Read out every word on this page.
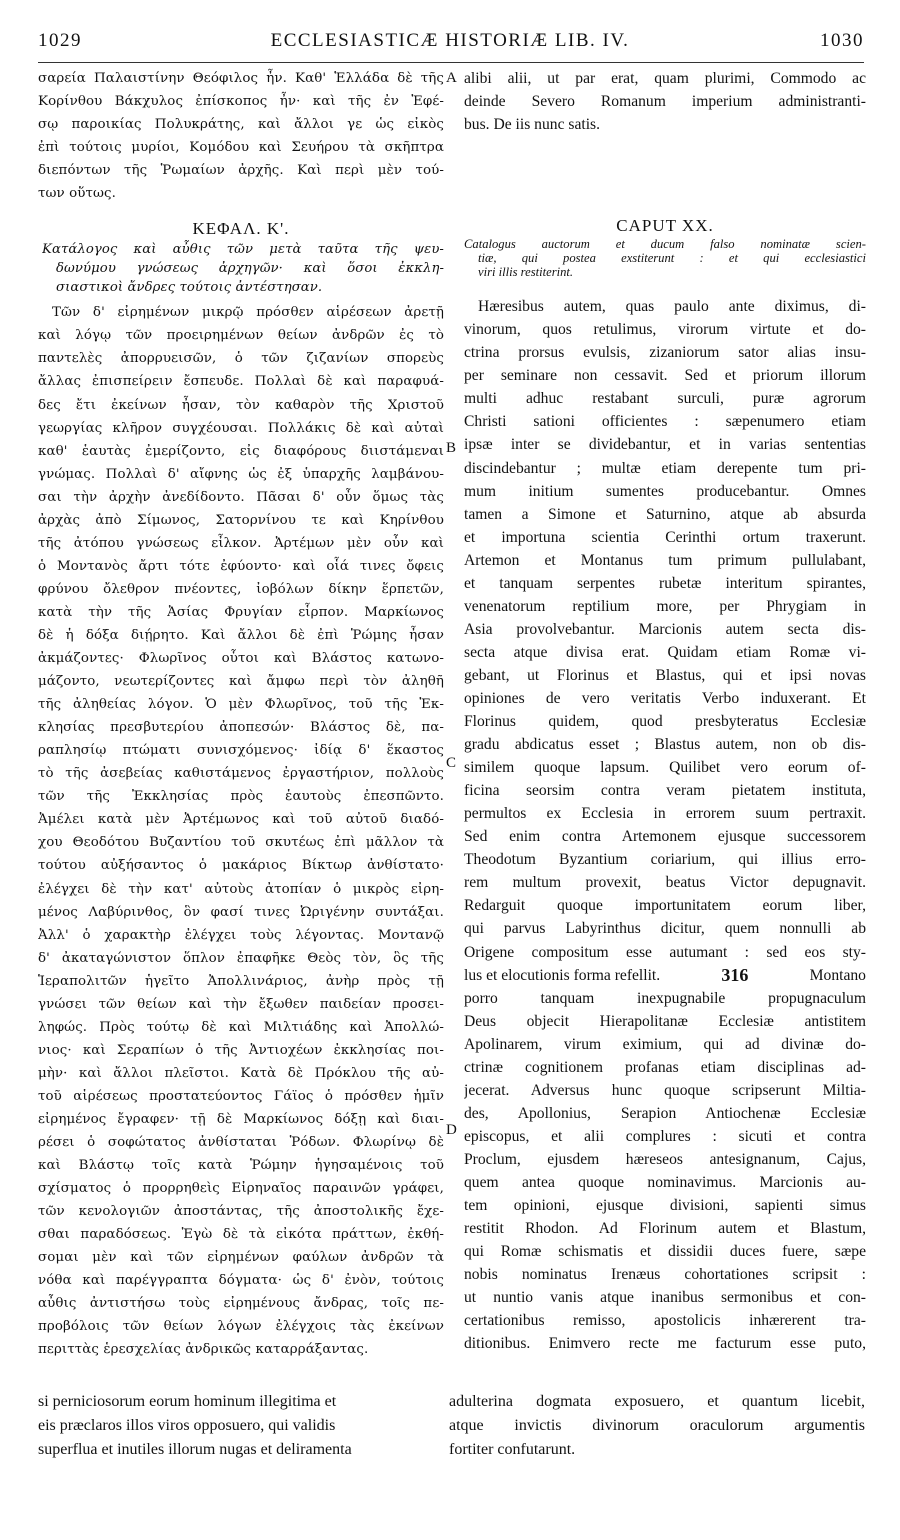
1029	ECCLESIASTICÆ HISTORIÆ LIB. IV.	1030
A
B
C
D
σαρεία Παλαιστίνην Θεόφιλος ἦν. Καθ' Ἑλλάδα δὲ τῆς
Κορίνθου Βάκχυλος ἐπίσκοπος ἦν· καὶ τῆς ἐν Ἐφέ-
σῳ παροικίας Πολυκράτης, καὶ ἄλλοι γε ὡς εἰκὸς
ἐπὶ τούτοις μυρίοι, Κομόδου καὶ Σευήρου τὰ σκῆπτρα
διεπόντων τῆς Ῥωμαίων ἀρχῆς. Καὶ περὶ μὲν τού-
των οὕτως.
ΚΕΦΑΛ. Κ'.
Κατάλογος καὶ αὖθις τῶν μετὰ ταῦτα τῆς ψευ-
δωνύμου γνώσεως ἀρχηγῶν· καὶ ὅσοι ἐκκλη-
σιαστικοὶ ἄνδρες τούτοις ἀντέστησαν.
Τῶν δ' εἰρημένων μικρῷ πρόσθεν αἱρέσεων ἀρετῇ
καὶ λόγῳ τῶν προειρημένων θείων ἀνδρῶν ἐς τὸ
παντελὲς ἀπορρυεισῶν, ὁ τῶν ζιζανίων σπορεὺς
ἄλλας ἐπισπείρειν ἔσπευδε. Πολλαὶ δὲ καὶ παραφυά-
δες ἔτι ἐκείνων ἦσαν, τὸν καθαρὸν τῆς Χριστοῦ
γεωργίας κλῆρον συγχέουσαι. Πολλάκις δὲ καὶ αὐταὶ
καθ' ἑαυτὰς ἐμερίζοντο, εἰς διαφόρους διιστάμεναι
γνώμας. Πολλαὶ δ' αἴφνης ὡς ἐξ ὑπαρχῆς λαμβάνου-
σαι τὴν ἀρχὴν ἀνεδίδοντο. Πᾶσαι δ' οὖν ὅμως τὰς
ἀρχὰς ἀπὸ Σίμωνος, Σατορνίνου τε καὶ Κηρίνθου
τῆς ἀτόπου γνώσεως εἶλκον. Ἀρτέμων μὲν οὖν καὶ
ὁ Μοντανὸς ἄρτι τότε ἐφύοντο· καὶ οἷά τινες ὄφεις
φρύνου ὄλεθρον πνέοντες, ἰοβόλων δίκην ἕρπετῶν,
κατὰ τὴν τῆς Ἀσίας Φρυγίαν εἷρπον. Μαρκίωνος
δὲ ἡ δόξα διῄρητο. Καὶ ἄλλοι δὲ ἐπὶ Ῥώμης ἦσαν
ἀκμάζοντες· Φλωρῖνος οὗτοι καὶ Βλάστος κατωνο-
μάζοντο, νεωτερίζοντες καὶ ἄμφω περὶ τὸν ἀληθῆ
τῆς ἀληθείας λόγον. Ὁ μὲν Φλωρῖνος, τοῦ τῆς Ἐκ-
κλησίας πρεσβυτερίου ἀποπεσών· Βλάστος δὲ, πα-
ραπλησίῳ πτώματι συνισχόμενος· ἰδίᾳ δ' ἕκαστος
τὸ τῆς ἀσεβείας καθιστάμενος ἐργαστήριον, πολλοὺς
τῶν τῆς Ἐκκλησίας πρὸς ἑαυτοὺς ἐπεσπῶντο.
Ἀμέλει κατὰ μὲν Ἀρτέμωνος καὶ τοῦ αὐτοῦ διαδό-
χου Θεοδότου Βυζαντίου τοῦ σκυτέως ἐπὶ μᾶλλον τὰ
τούτου αὐξήσαντος ὁ μακάριος Βίκτωρ ἀνθίστατο·
ἐλέγχει δὲ τὴν κατ' αὐτοὺς ἀτοπίαν ὁ μικρὸς εἰρη-
μένος Λαβύρινθος, ὃν φασί τινες Ὠριγένην συντάξαι.
Ἀλλ' ὁ χαρακτὴρ ἐλέγχει τοὺς λέγοντας. Μοντανῷ
δ' ἀκαταγώνιστον ὅπλον ἐπαφῆκε Θεὸς τὸν, ὃς τῆς
Ἱεραπολιτῶν ἡγεῖτο Ἀπολλινάριος, ἀνὴρ πρὸς τῇ
γνώσει τῶν θείων καὶ τὴν ἔξωθεν παιδείαν προσει-
ληφώς. Πρὸς τούτῳ δὲ καὶ Μιλτιάδης καὶ Ἀπολλώ-
νιος· καὶ Σεραπίων ὁ τῆς Ἀντιοχέων ἐκκλησίας ποι-
μὴν· καὶ ἄλλοι πλεῖστοι. Κατὰ δὲ Πρόκλου τῆς αὐ-
τοῦ αἱρέσεως προστατεύοντος Γάϊος ὁ πρόσθεν ἡμῖν
εἰρημένος ἔγραφεν· τῇ δὲ Μαρκίωνος δόξῃ καὶ διαι-
ρέσει ὁ σοφώτατος ἀνθίσταται Ῥόδων. Φλωρίνῳ δὲ
καὶ Βλάστῳ τοῖς κατὰ Ῥώμην ἡγησαμένοις τοῦ
σχίσματος ὁ προρρηθεὶς Εἰρηναῖος παραινῶν γράφει,
τῶν κενολογιῶν ἀποστάντας, τῆς ἀποστολικῆς ἔχε-
σθαι παραδόσεως. Ἐγὼ δὲ τὰ εἰκότα πράττων, ἐκθή-
σομαι μὲν καὶ τῶν εἰρημένων φαύλων ἀνδρῶν τὰ
νόθα καὶ παρέγγραπτα δόγματα· ὡς δ' ἐνὸν, τούτοις
αὖθις ἀντιστήσω τοὺς εἰρημένους ἄνδρας, τοῖς πε-
προβόλοις τῶν θείων λόγων ἐλέγχοις τὰς ἐκείνων
περιττὰς ἑρεσχελίας ἀνδρικῶς καταρράξαντας.
alibi alii, ut par erat, quam plurimi, Commodo ac
deinde Severo Romanum imperium administranti-
bus. De iis nunc satis.
CAPUT XX.
Catalogus auctorum et ducum falso nominatæ scien-
tiæ, qui postea exstiterunt : et qui ecclesiastici
viri illis restiterint.
Hæresibus autem, quas paulo ante diximus, di-
vinorum, quos retulimus, virorum virtute et do-
ctrina prorsus evulsis, zizaniorum sator alias insu-
per seminare non cessavit. Sed et priorum illorum
multi adhuc restabant surculi, puræ agrorum
Christi sationi officientes : sæpenumero etiam
ipsæ inter se dividebantur, et in varias sententias
discindebantur ; multæ etiam derepente tum pri-
mum initium sumentes producebantur. Omnes
tamen a Simone et Saturnino, atque ab absurda
et importuna scientia Cerinthi ortum traxerunt.
Artemon et Montanus tum primum pullulabant,
et tanquam serpentes rubetæ interitum spirantes,
venenatorum reptilium more, per Phrygiam in
Asia provolvebantur. Marcionis autem secta dis-
secta atque divisa erat. Quidam etiam Romæ vi-
gebant, ut Florinus et Blastus, qui et ipsi novas
opiniones de vero veritatis Verbo induxerant. Et
Florinus quidem, quod presbyteratus Ecclesiæ
gradu abdicatus esset ; Blastus autem, non ob dis-
similem quoque lapsum. Quilibet vero eorum of-
ficina seorsim contra veram pietatem instituta,
permultos ex Ecclesia in errorem suum pertraxit.
Sed enim contra Artemonem ejusque successorem
Theodotum Byzantium coriarium, qui illius erro-
rem multum provexit, beatus Victor depugnavit.
Redarguit quoque importunitatem eorum liber,
qui parvus Labyrinthus dicitur, quem nonnulli ab
Origene compositum esse autumant : sed eos sty-
lus et elocutionis forma refellit.	316	Montano
porro tanquam inexpugnabile propugnaculum
Deus objecit Hierapolitanæ Ecclesiæ antistitem
Apolinarem, virum eximium, qui ad divinæ do-
ctrinæ cognitionem profanas etiam disciplinas ad-
jecerat. Adversus hunc quoque scripserunt Miltia-
des, Apollonius, Serapion Antiochenæ Ecclesiæ
episcopus, et alii complures : sicuti et contra
Proclum, ejusdem hæreseos antesignanum, Cajus,
quem antea quoque nominavimus. Marcionis au-
tem opinioni, ejusque divisioni, sapienti simus
restitit Rhodon. Ad Florinum autem et Blastum,
qui Romæ schismatis et dissidii duces fuere, sæpe
nobis nominatus Irenæus cohortationes scripsit :
ut nuntio vanis atque inanibus sermonibus et con-
certationibus remisso, apostolicis inhærerent tra-
ditionibus. Enimvero recte me facturum esse puto,
si perniciosorum eorum hominum illegitima et
eis præclaros illos viros opposuero, qui validis
superflua et inutiles illorum nugas et deliramenta
adulterina dogmata exposuero, et quantum licebit,
atque invictis divinorum oraculorum argumentis
fortiter confutarunt.
